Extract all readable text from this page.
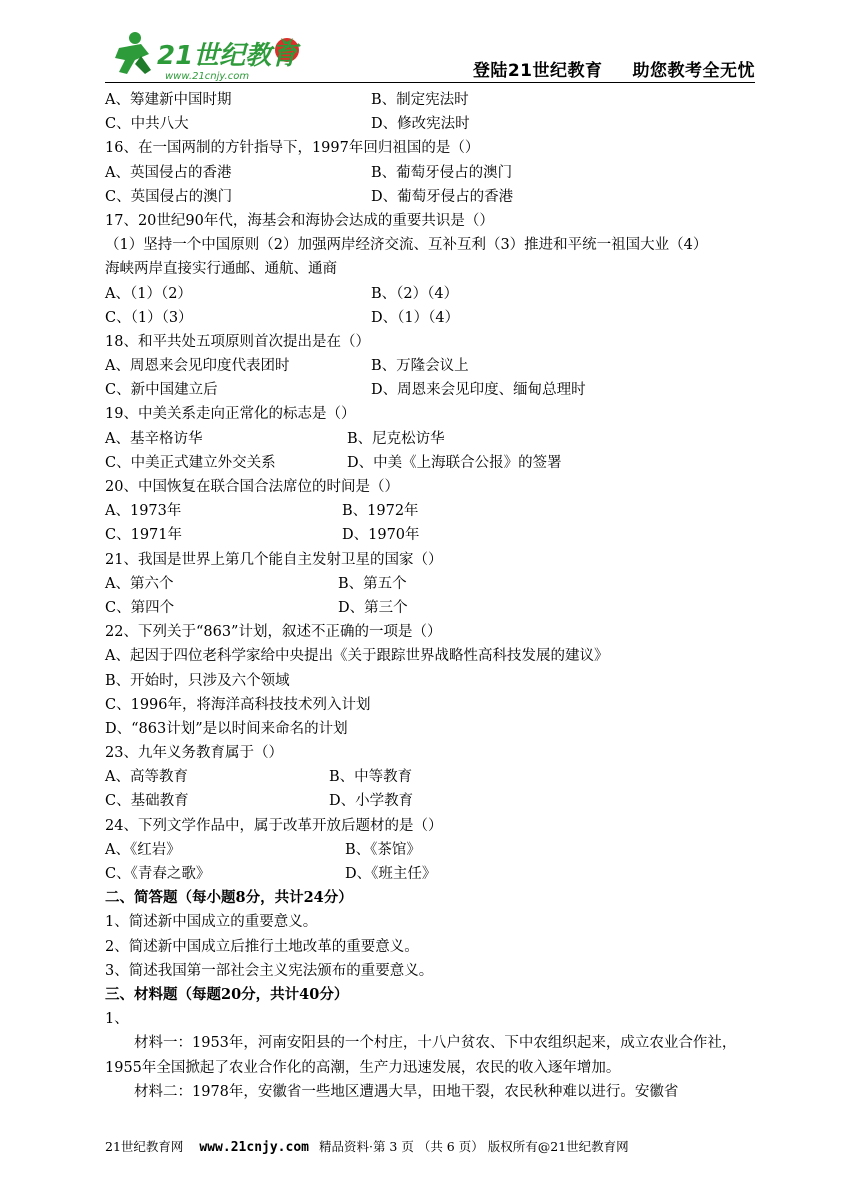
21世纪教育
www.21cnjy.com	登陆21世纪教育 助您教考全无忧
A、筹建新中国时期	B、制定宪法时
C、中共八大	D、修改宪法时
16、在一国两制的方针指导下，1997年回归祖国的是（）
A、英国侵占的香港	B、葡萄牙侵占的澳门
C、英国侵占的澳门	D、葡萄牙侵占的香港
17、20世纪90年代，海基会和海协会达成的重要共识是（）
（1）坚持一个中国原则（2）加强两岸经济交流、互补互利（3）推进和平统一祖国大业（4）
海峡两岸直接实行通邮、通航、通商
A、（1）（2）	B、（2）（4）
C、（1）（3）	D、（1）（4）
18、和平共处五项原则首次提出是在（）
A、周恩来会见印度代表团时	B、万隆会议上
C、新中国建立后	D、周恩来会见印度、缅甸总理时
19、中美关系走向正常化的标志是（）
A、基辛格访华	B、尼克松访华
C、中美正式建立外交关系	D、中美《上海联合公报》的签署
20、中国恢复在联合国合法席位的时间是（）
A、1973年	B、1972年
C、1971年	D、1970年
21、我国是世界上第几个能自主发射卫星的国家（）
A、第六个	B、第五个
C、第四个	D、第三个
22、下列关于“863”计划，叙述不正确的一项是（）
A、起因于四位老科学家给中央提出《关于跟踪世界战略性高科技发展的建议》
B、开始时，只涉及六个领域
C、1996年，将海洋高科技技术列入计划
D、“863计划”是以时间来命名的计划
23、九年义务教育属于（）
A、高等教育	B、中等教育
C、基础教育	D、小学教育
24、下列文学作品中，属于改革开放后题材的是（）
A、《红岩》	B、《茶馆》
C、《青春之歌》	D、《班主任》
二、简答题（每小题8分，共计24分）
1、简述新中国成立的重要意义。
2、简述新中国成立后推行土地改革的重要意义。
3、简述我国第一部社会主义宪法颁布的重要意义。
三、材料题（每题20分，共计40分）
1、
材料一：1953年，河南安阳县的一个村庄，十八户贫农、下中农组织起来，成立农业合作社，1955年全国掀起了农业合作化的高潮，生产力迅速发展，农民的收入逐年增加。
材料二：1978年，安徽省一些地区遭遇大旱，田地干裂，农民秋种难以进行。安徽省
21世纪教育网 www.21cnjy.com 精品资料·第 3 页 （共 6 页） 版权所有@21世纪教育网
